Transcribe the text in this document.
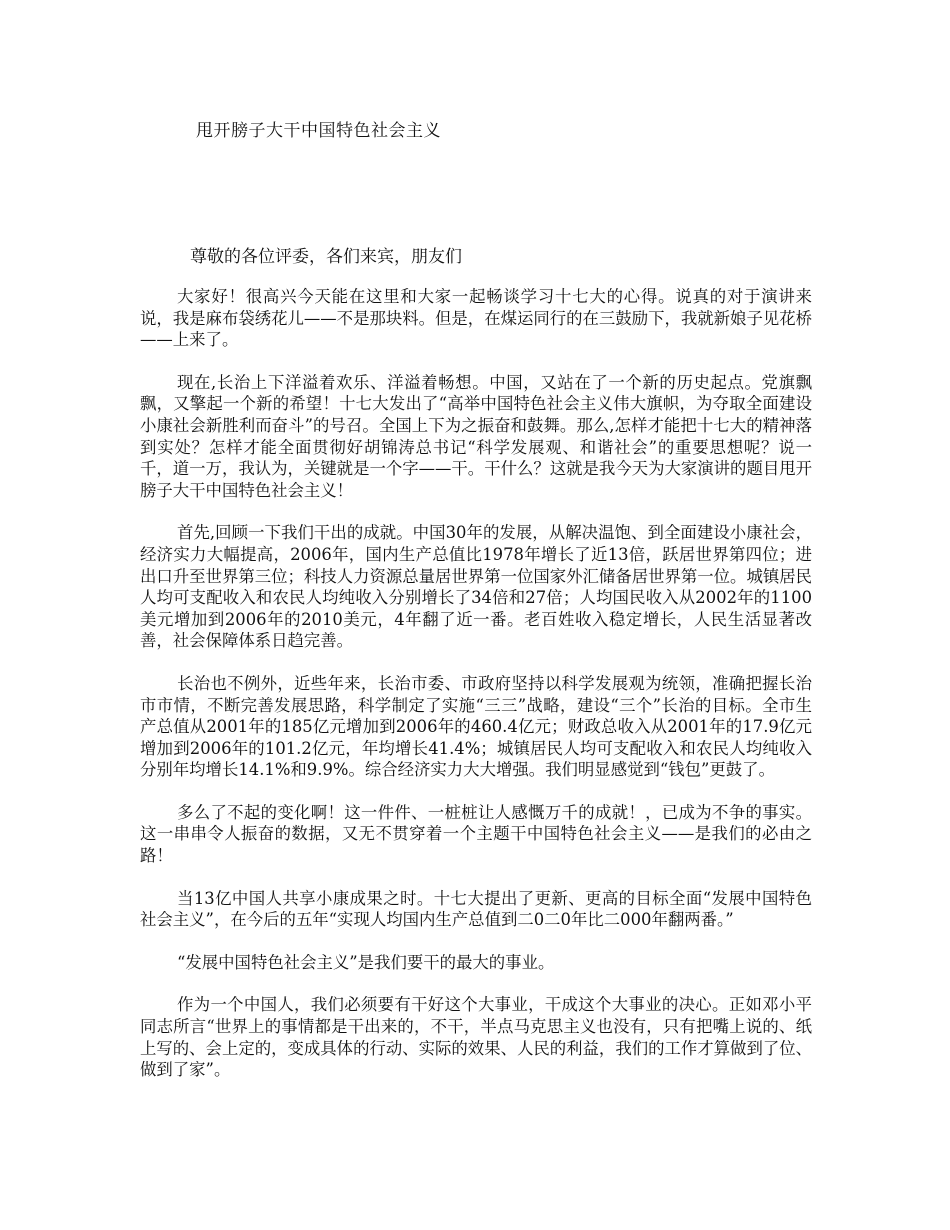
甩开膀子大干中国特色社会主义

尊敬的各位评委，各们来宾，朋友们

大家好！很高兴今天能在这里和大家一起畅谈学习十七大的心得。说真的对于演讲来说，我是麻布袋绣花儿——不是那块料。但是，在煤运同行的在三鼓励下，我就新娘子见花桥——上来了。

现在,长治上下洋溢着欢乐、洋溢着畅想。中国，又站在了一个新的历史起点。党旗飘飘，又擎起一个新的希望！十七大发出了“高举中国特色社会主义伟大旗帜，为夺取全面建设小康社会新胜利而奋斗”的号召。全国上下为之振奋和鼓舞。那么,怎样才能把十七大的精神落到实处？怎样才能全面贯彻好胡锦涛总书记“科学发展观、和谐社会”的重要思想呢？说一千，道一万，我认为，关键就是一个字——干。干什么？这就是我今天为大家演讲的题目甩开膀子大干中国特色社会主义！

首先,回顾一下我们干出的成就。中国30年的发展，从解决温饱、到全面建设小康社会，经济实力大幅提高，2006年，国内生产总值比1978年增长了近13倍，跃居世界第四位；进出口升至世界第三位；科技人力资源总量居世界第一位国家外汇储备居世界第一位。城镇居民人均可支配收入和农民人均纯收入分别增长了34倍和27倍；人均国民收入从2002年的1100美元增加到2006年的2010美元，4年翻了近一番。老百姓收入稳定增长，人民生活显著改善，社会保障体系日趋完善。

长治也不例外，近些年来，长治市委、市政府坚持以科学发展观为统领，准确把握长治市市情，不断完善发展思路，科学制定了实施“三三”战略，建设“三个”长治的目标。全市生产总值从2001年的185亿元增加到2006年的460.4亿元；财政总收入从2001年的17.9亿元增加到2006年的101.2亿元，年均增长41.4%；城镇居民人均可支配收入和农民人均纯收入分别年均增长14.1%和9.9%。综合经济实力大大增强。我们明显感觉到“钱包”更鼓了。

多么了不起的变化啊！这一件件、一桩桩让人感慨万千的成就！，已成为不争的事实。这一串串令人振奋的数据，又无不贯穿着一个主题干中国特色社会主义——是我们的必由之路！

当13亿中国人共享小康成果之时。十七大提出了更新、更高的目标全面“发展中国特色社会主义”，在今后的五年“实现人均国内生产总值到二0二0年比二000年翻两番。”

“发展中国特色社会主义”是我们要干的最大的事业。

作为一个中国人，我们必须要有干好这个大事业，干成这个大事业的决心。正如邓小平同志所言“世界上的事情都是干出来的，不干，半点马克思主义也没有，只有把嘴上说的、纸上写的、会上定的，变成具体的行动、实际的效果、人民的利益，我们的工作才算做到了位、做到了家”。
